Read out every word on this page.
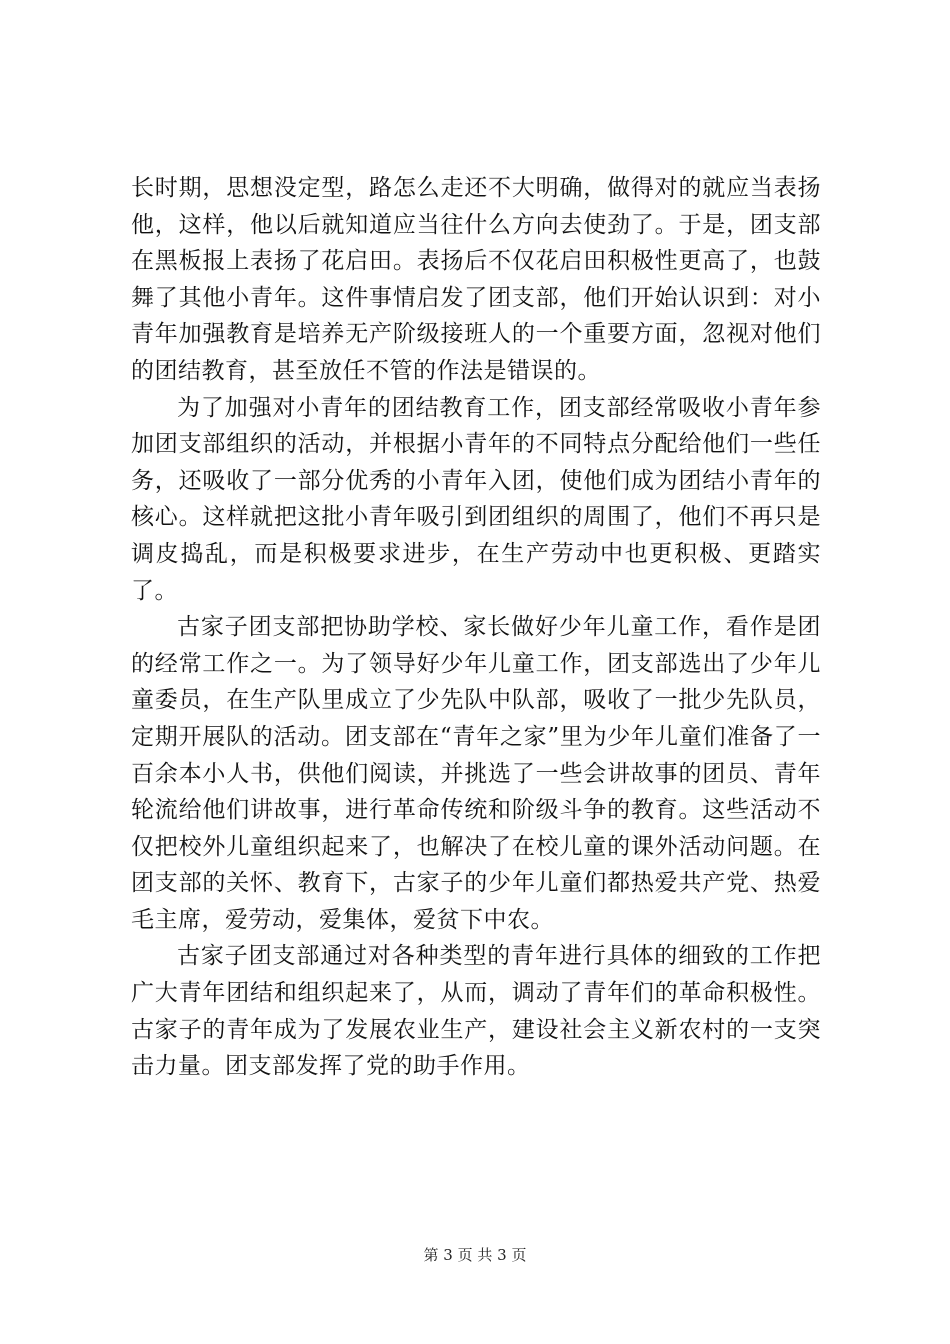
长时期，思想没定型，路怎么走还不大明确，做得对的就应当表扬他，这样，他以后就知道应当往什么方向去使劲了。于是，团支部在黑板报上表扬了花启田。表扬后不仅花启田积极性更高了，也鼓舞了其他小青年。这件事情启发了团支部，他们开始认识到：对小青年加强教育是培养无产阶级接班人的一个重要方面，忽视对他们的团结教育，甚至放任不管的作法是错误的。

为了加强对小青年的团结教育工作，团支部经常吸收小青年参加团支部组织的活动，并根据小青年的不同特点分配给他们一些任务，还吸收了一部分优秀的小青年入团，使他们成为团结小青年的核心。这样就把这批小青年吸引到团组织的周围了，他们不再只是调皮捣乱，而是积极要求进步，在生产劳动中也更积极、更踏实了。

古家子团支部把协助学校、家长做好少年儿童工作，看作是团的经常工作之一。为了领导好少年儿童工作，团支部选出了少年儿童委员，在生产队里成立了少先队中队部，吸收了一批少先队员，定期开展队的活动。团支部在“青年之家”里为少年儿童们准备了一百余本小人书，供他们阅读，并挑选了一些会讲故事的团员、青年轮流给他们讲故事，进行革命传统和阶级斗争的教育。这些活动不仅把校外儿童组织起来了，也解决了在校儿童的课外活动问题。在团支部的关怀、教育下，古家子的少年儿童们都热爱共产党、热爱毛主席，爱劳动，爱集体，爱贫下中农。

古家子团支部通过对各种类型的青年进行具体的细致的工作把广大青年团结和组织起来了，从而，调动了青年们的革命积极性。古家子的青年成为了发展农业生产，建设社会主义新农村的一支突击力量。团支部发挥了党的助手作用。

第 3 页 共 3 页
